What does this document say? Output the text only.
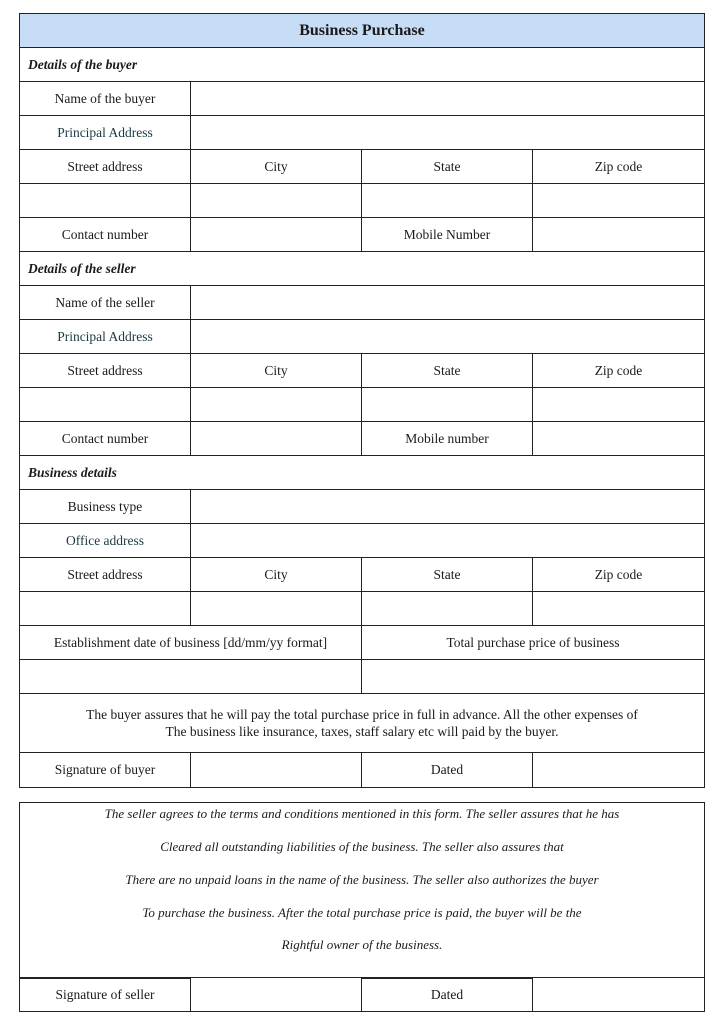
Business Purchase
Details of the buyer
Name of the buyer
Principal Address
Street address	City	State	Zip code
Contact number	Mobile Number
Details of the seller
Name of the seller
Principal Address
Street address	City	State	Zip code
Contact number	Mobile number
Business details
Business type
Office address
Street address	City	State	Zip code
Establishment date of business [dd/mm/yy format]	Total purchase price of business
The buyer assures that he will pay the total purchase price in full in advance. All the other expenses of
The business like insurance, taxes, staff salary etc will paid by the buyer.
Signature of buyer	Dated

The seller agrees to the terms and conditions mentioned in this form. The seller assures that he has

Cleared all outstanding liabilities of the business. The seller also assures that

There are no unpaid loans in the name of the business. The seller also authorizes the buyer

To purchase the business. After the total purchase price is paid, the buyer will be the

Rightful owner of the business.

Signature of seller	Dated
